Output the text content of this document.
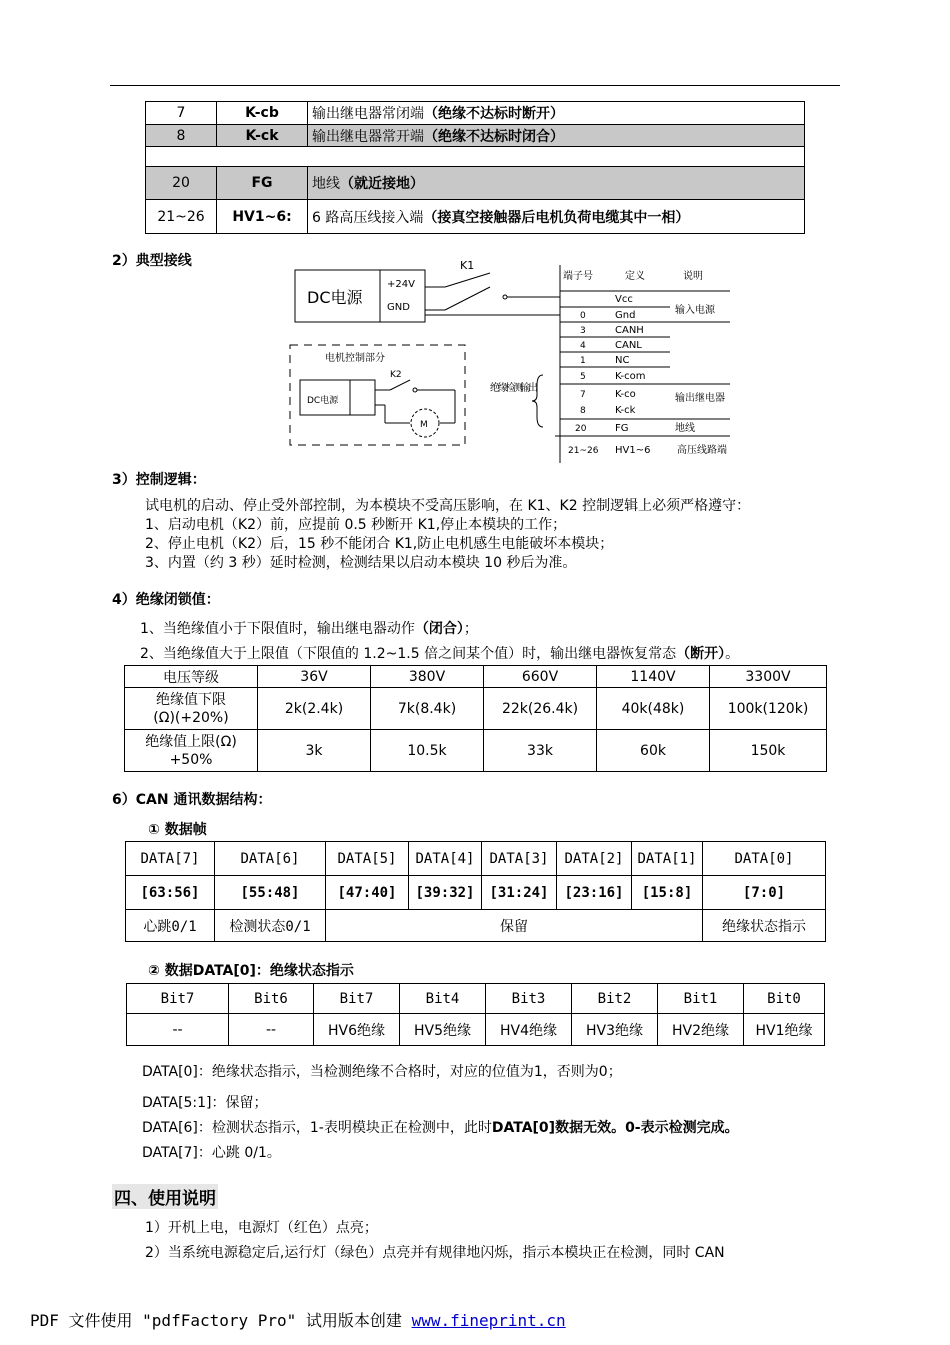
7	K-cb	输出继电器常闭端（绝缘不达标时断开）
8	K-ck	输出继电器常开端（绝缘不达标时闭合）

20	FG	地线（就近接地）
21~26	HV1~6:	6 路高压线接入端（接真空接触器后电机负荷电缆其中一相）
2）典型接线
DC电源
+24V
GND
K1
端子号	定义	说明
Vcc
0	Gnd	输入电源
3	CANH
4	CANL
1	NC
5	K-com
7	K-co	输出继电器
8	K-ck
20	FG	地线
21~26 HV1~6	高压线路端
绝缘检测输出
电机控制部分
DC电源
K2
M
3）控制逻辑：
试电机的启动、停止受外部控制，为本模块不受高压影响，在 K1、K2 控制逻辑上必须严格遵守：
1、启动电机（K2）前，应提前 0.5 秒断开 K1,停止本模块的工作；
2、停止电机（K2）后，15 秒不能闭合 K1,防止电机感生电能破坏本模块；
3、内置（约 3 秒）延时检测，检测结果以启动本模块 10 秒后为准。
4）绝缘闭锁值：
1、当绝缘值小于下限值时，输出继电器动作（闭合）；
2、当绝缘值大于上限值（下限值的 1.2~1.5 倍之间某个值）时，输出继电器恢复常态（断开）。
电压等级	36V	380V	660V	1140V	3300V

绝缘值下限
(Ω)(+20%)	2k(2.4k)	7k(8.4k)	22k(26.4k)	40k(48k)	100k(120k)

绝缘值上限(Ω)
+50%	3k	10.5k	33k	60k	150k
6）CAN 通讯数据结构：
① 数据帧
DATA[7]	DATA[6]	DATA[5]	DATA[4]	DATA[3]	DATA[2]	DATA[1]	DATA[0]
[63:56]	[55:48]	[47:40]	[39:32]	[31:24]	[23:16]	[15:8]	[7:0]
心跳0/1	检测状态0/1	保留					绝缘状态指示
② 数据DATA[0]：绝缘状态指示
Bit7	Bit6	Bit7	Bit4	Bit3	Bit2	Bit1	Bit0
--	--	HV6绝缘	HV5绝缘	HV4绝缘	HV3绝缘	HV2绝缘	HV1绝缘
DATA[0]：绝缘状态指示，当检测绝缘不合格时，对应的位值为1，否则为0；
DATA[5:1]：保留；
DATA[6]：检测状态指示，1-表明模块正在检测中，此时DATA[0]数据无效。0-表示检测完成。
DATA[7]：心跳 0/1。
四、使用说明
1）开机上电，电源灯（红色）点亮；
2）当系统电源稳定后,运行灯（绿色）点亮并有规律地闪烁，指示本模块正在检测，同时 CAN
PDF 文件使用 "pdfFactory Pro" 试用版本创建 www.fineprint.cn
